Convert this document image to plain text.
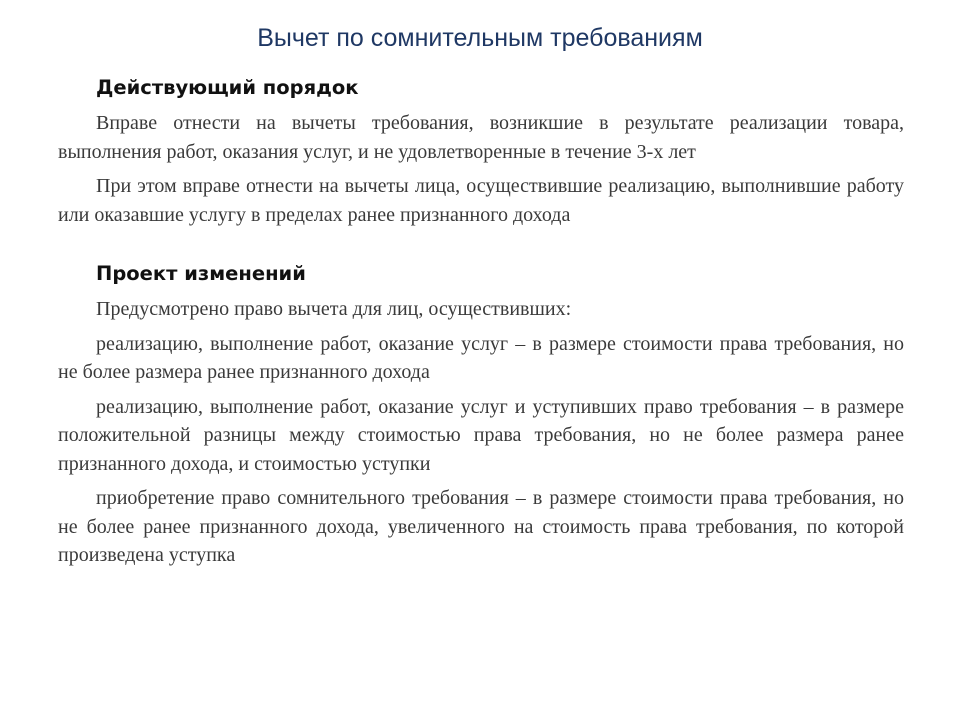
Вычет по сомнительным требованиям
Действующий порядок

Вправе отнести на вычеты требования, возникшие в результате реализации товара, выполнения работ, оказания услуг, и не удовлетворенные в течение 3-х лет

При этом вправе отнести на вычеты лица, осуществившие реализацию, выполнившие работу или оказавшие услугу в пределах ранее признанного дохода

Проект изменений

Предусмотрено право вычета для лиц, осуществивших:

реализацию, выполнение работ, оказание услуг – в размере стоимости права требования, но не более размера ранее признанного дохода

реализацию, выполнение работ, оказание услуг и уступивших право требования – в размере положительной разницы между стоимостью права требования, но не более размера ранее признанного дохода, и стоимостью уступки

приобретение право сомнительного требования – в размере стоимости права требования, но не более ранее признанного дохода, увеличенного на стоимость права требования, по которой произведена уступка
